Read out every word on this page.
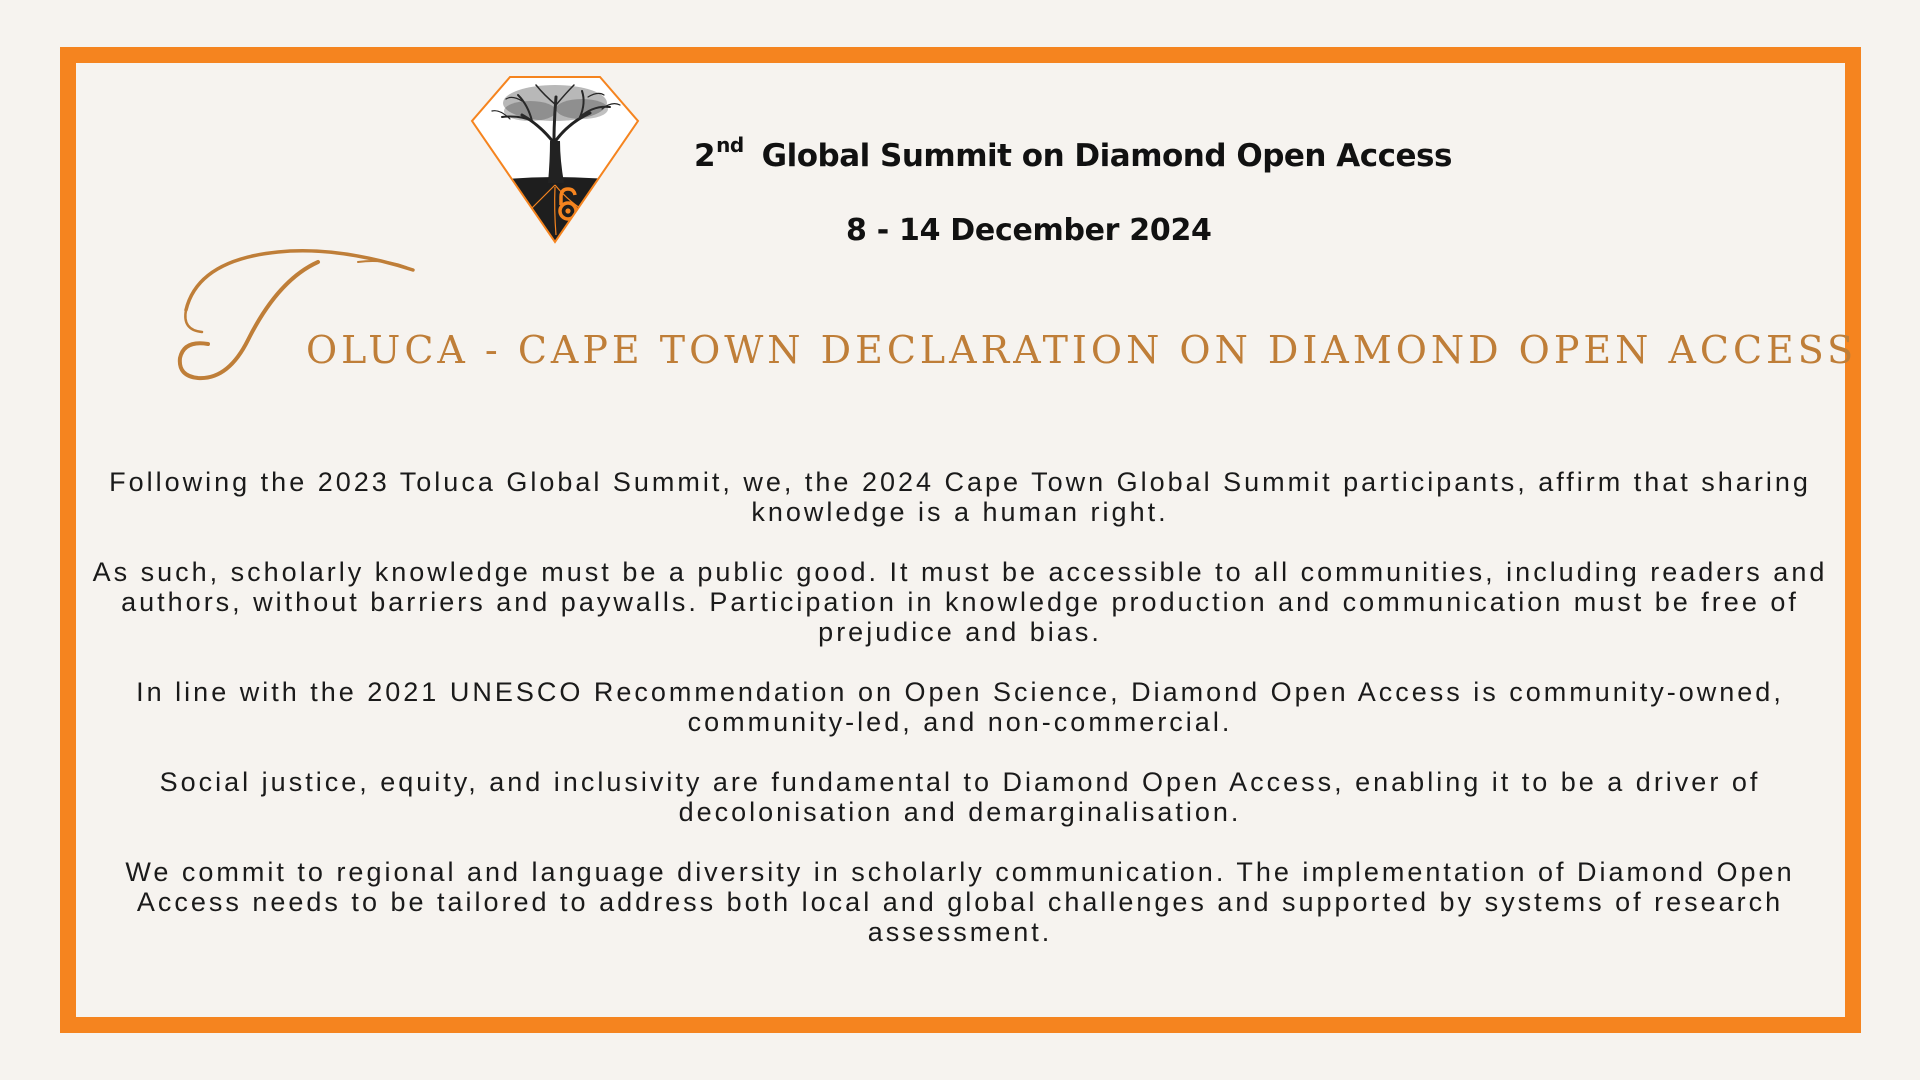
2nd Global Summit on Diamond Open Access
8 - 14 December 2024
OLUCA - CAPE TOWN DECLARATION ON DIAMOND OPEN ACCESS

Following the 2023 Toluca Global Summit, we, the 2024 Cape Town Global Summit participants, affirm that sharing knowledge is a human right.

As such, scholarly knowledge must be a public good. It must be accessible to all communities, including readers and authors, without barriers and paywalls. Participation in knowledge production and communication must be free of prejudice and bias.

In line with the 2021 UNESCO Recommendation on Open Science, Diamond Open Access is community-owned, community-led, and non-commercial.

Social justice, equity, and inclusivity are fundamental to Diamond Open Access, enabling it to be a driver of decolonisation and demarginalisation.

We commit to regional and language diversity in scholarly communication. The implementation of Diamond Open Access needs to be tailored to address both local and global challenges and supported by systems of research assessment.
